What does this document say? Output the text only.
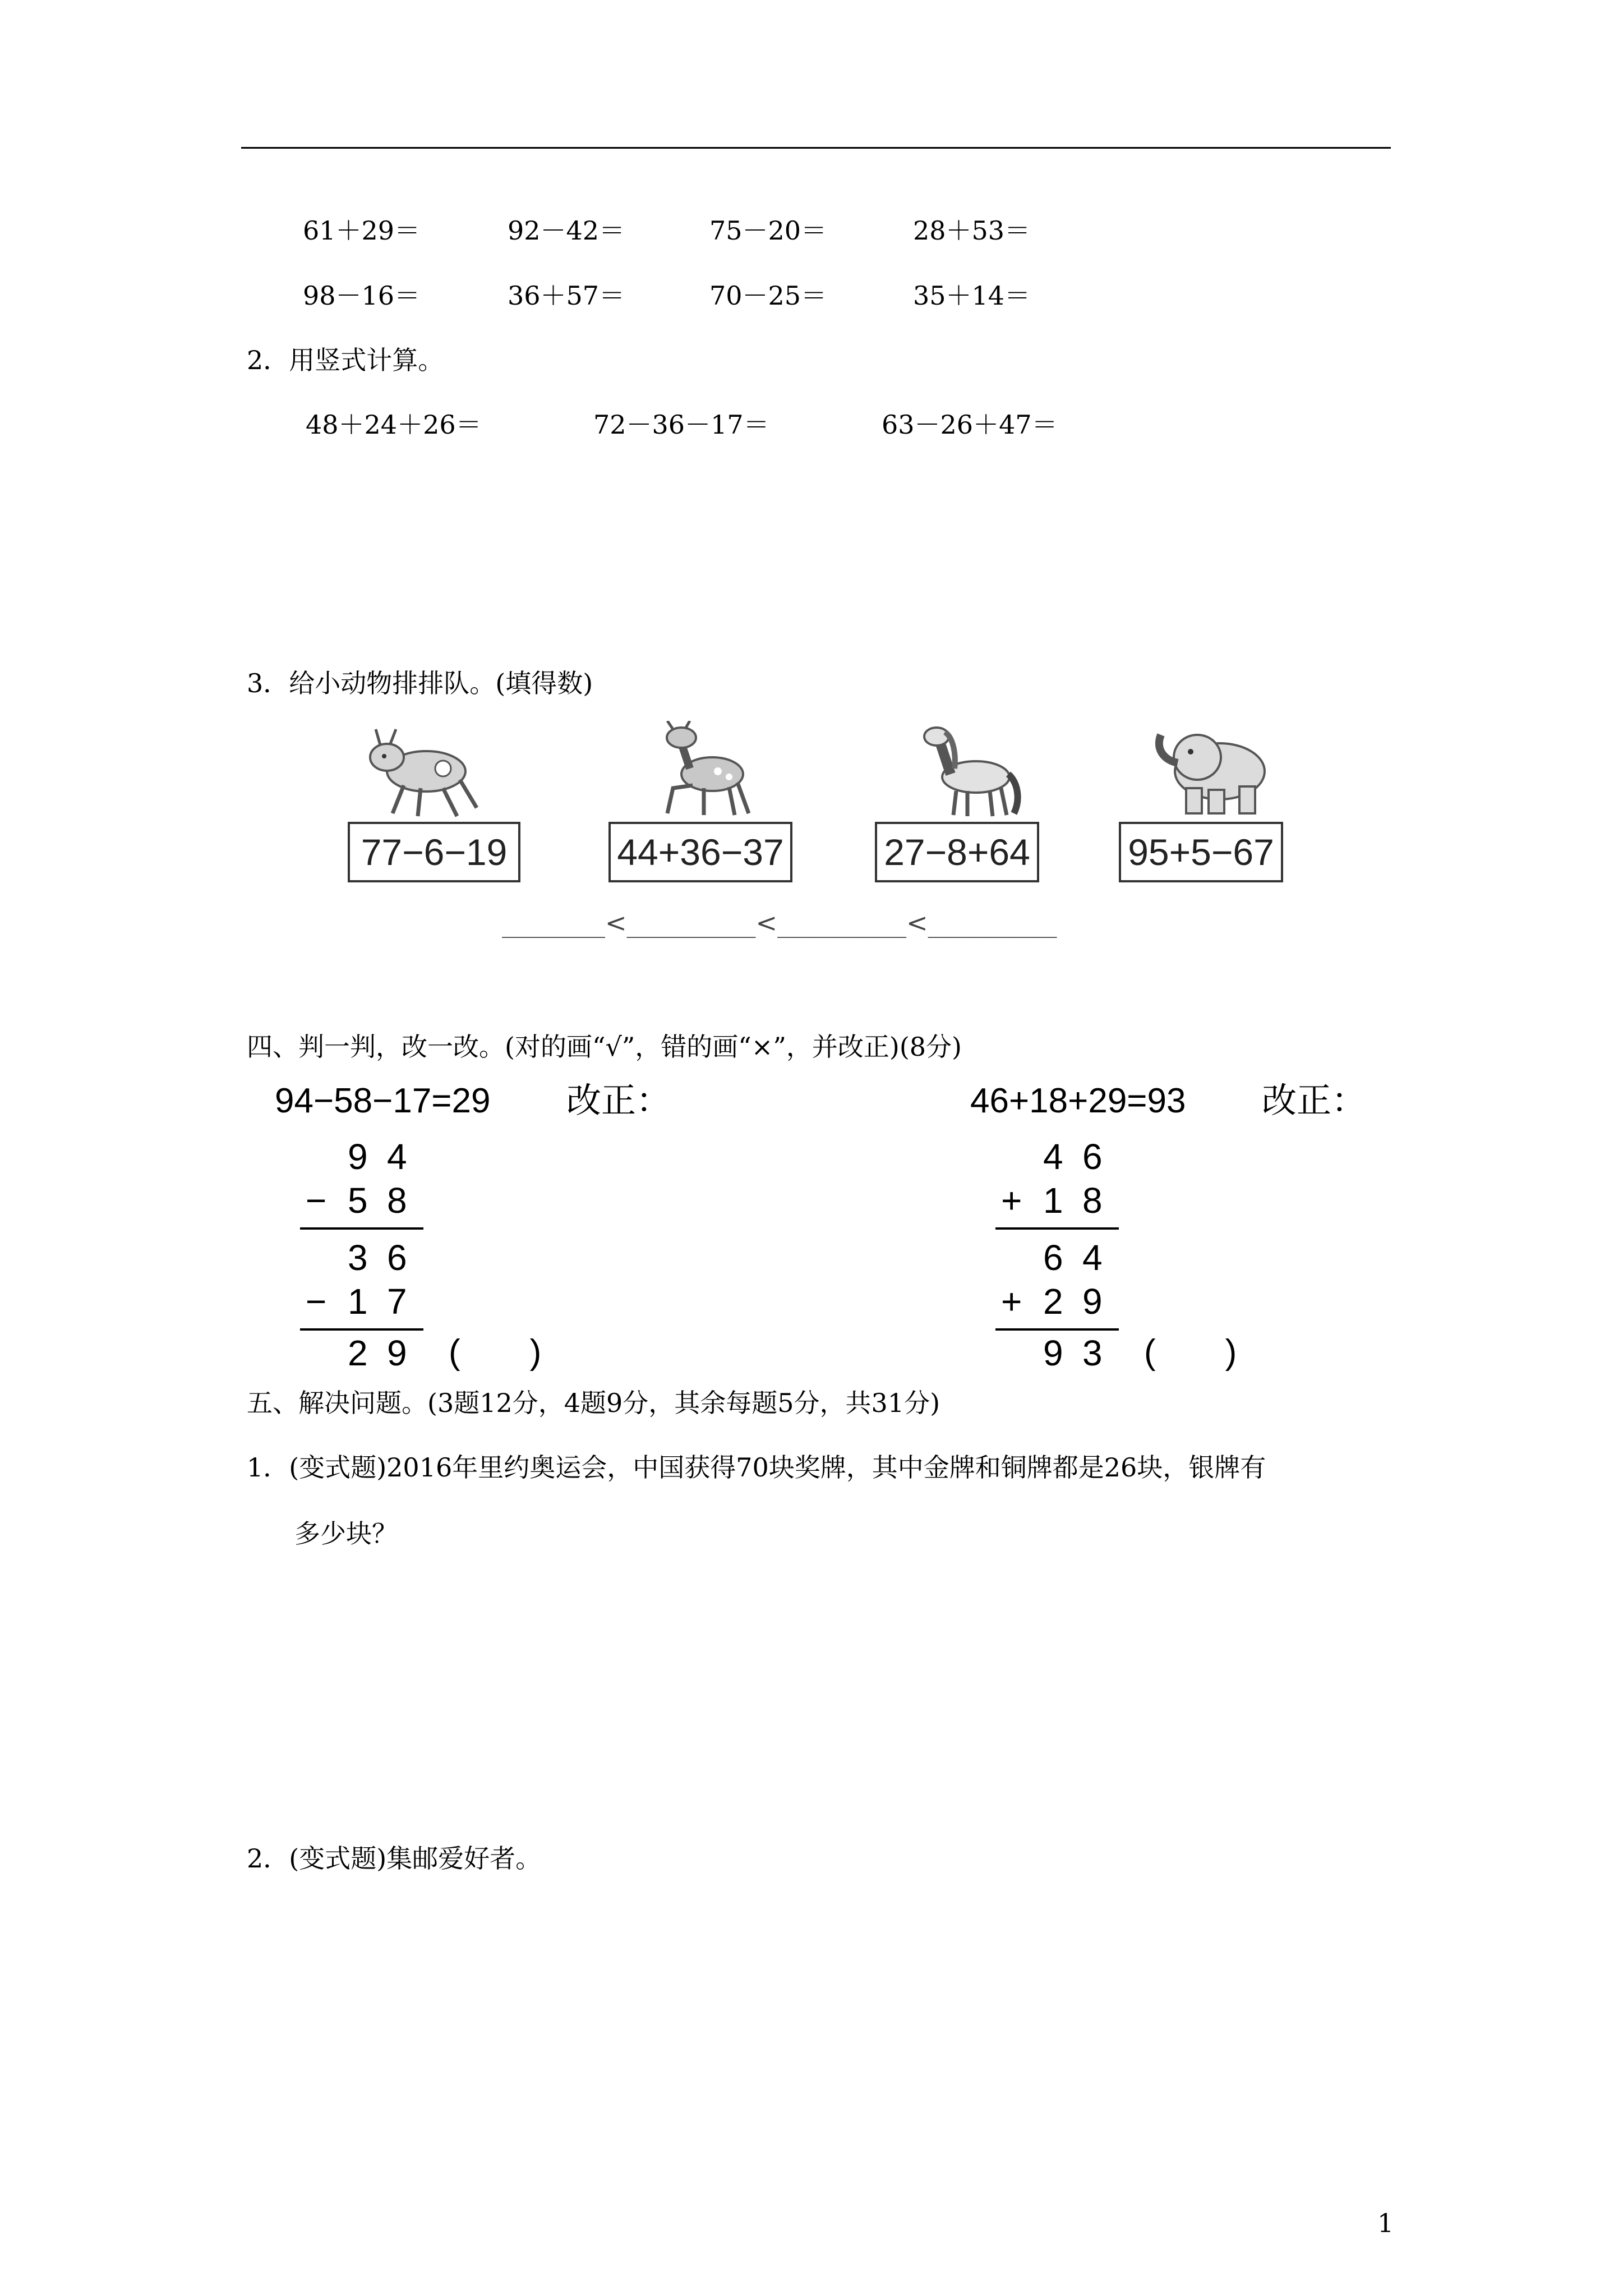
61＋29＝	92－42＝	75－20＝	28＋53＝
98－16＝	36＋57＝	70－25＝	35＋14＝
2．用竖式计算。
48＋24＋26＝	72－36－17＝	63－26＋47＝
3．给小动物排排队。(填得数)
77−6−19	44+36−37	27−8+64	95+5−67
________<__________<__________<__________
四、判一判，改一改。(对的画“√”，错的画“×”，并改正)(8分)
94−58−17=29 改正：
9 4
− 5 8
3 6
− 1 7
2 9 (　　)
46+18+29=93 改正：
4 6
+ 1 8
6 4
+ 2 9
9 3 (　　)
五、解决问题。(3题12分，4题9分，其余每题5分，共31分)
1．(变式题)2016年里约奥运会，中国获得70块奖牌，其中金牌和铜牌都是26块，银牌有
多少块？
2．(变式题)集邮爱好者。
1
